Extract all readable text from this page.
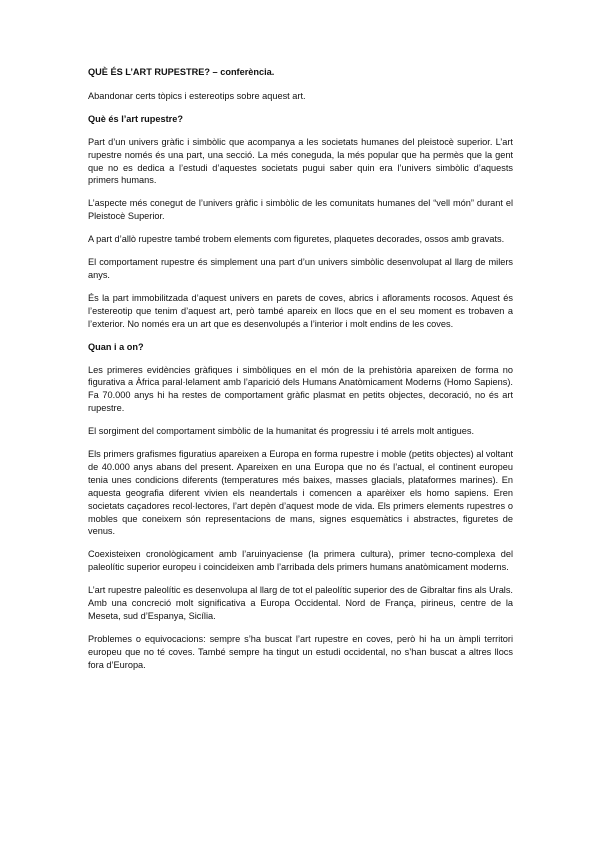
QUÈ ÉS L’ART RUPESTRE? – conferència.

Abandonar certs tòpics i estereotips sobre aquest art.

Què és l’art rupestre?

Part d’un univers gràfic i simbòlic que acompanya a les societats humanes del pleistocè superior. L’art rupestre només és una part, una secció. La més coneguda, la més popular que ha permès que la gent que no es dedica a l’estudi d’aquestes societats pugui saber quin era l’univers simbòlic d’aquests primers humans.

L’aspecte més conegut de l’univers gràfic i simbòlic de les comunitats humanes del “vell món” durant el Pleistocè Superior.

A part d’allò rupestre també trobem elements com figuretes, plaquetes decorades, ossos amb gravats.

El comportament rupestre és simplement una part d’un univers simbòlic desenvolupat al llarg de milers anys.

És la part immobilitzada d’aquest univers en parets de coves, abrics i afloraments rocosos. Aquest és l’estereotip que tenim d’aquest art, però també apareix en llocs que en el seu moment es trobaven a l’exterior. No només era un art que es desenvolupés a l’interior i molt endins de les coves.

Quan i a on?

Les primeres evidències gràfiques i simbòliques en el món de la prehistòria apareixen de forma no figurativa a Àfrica paral·lelament amb l’aparició dels Humans Anatòmicament Moderns (Homo Sapiens). Fa 70.000 anys hi ha restes de comportament gràfic plasmat en petits objectes, decoració, no és art rupestre.

El sorgiment del comportament simbòlic de la humanitat és progressiu i té arrels molt antigues.

Els primers grafismes figuratius apareixen a Europa en forma rupestre i moble (petits objectes) al voltant de 40.000 anys abans del present. Apareixen en una Europa que no és l’actual, el continent europeu tenia unes condicions diferents (temperatures més baixes, masses glacials, plataformes marines). En aquesta geografia diferent vivien els neandertals i comencen a aparèixer els homo sapiens. Eren societats caçadores recol·lectores, l’art depèn d’aquest mode de vida. Els primers elements rupestres o mobles que coneixem són representacions de mans, signes esquemàtics i abstractes, figuretes de venus.

Coexisteixen cronològicament amb l’aruinyaciense (la primera cultura), primer tecno-complexa del paleolític superior europeu i coincideixen amb l’arribada dels primers humans anatòmicament moderns.

L’art rupestre paleolític es desenvolupa al llarg de tot el paleolític superior des de Gibraltar fins als Urals. Amb una concreció molt significativa a Europa Occidental. Nord de França, pirineus, centre de la Meseta, sud d’Espanya, Sicília.

Problemes o equivocacions: sempre s’ha buscat l’art rupestre en coves, però hi ha un àmpli territori europeu que no té coves. També sempre ha tingut un estudi occidental, no s’han buscat a altres llocs fora d’Europa.
